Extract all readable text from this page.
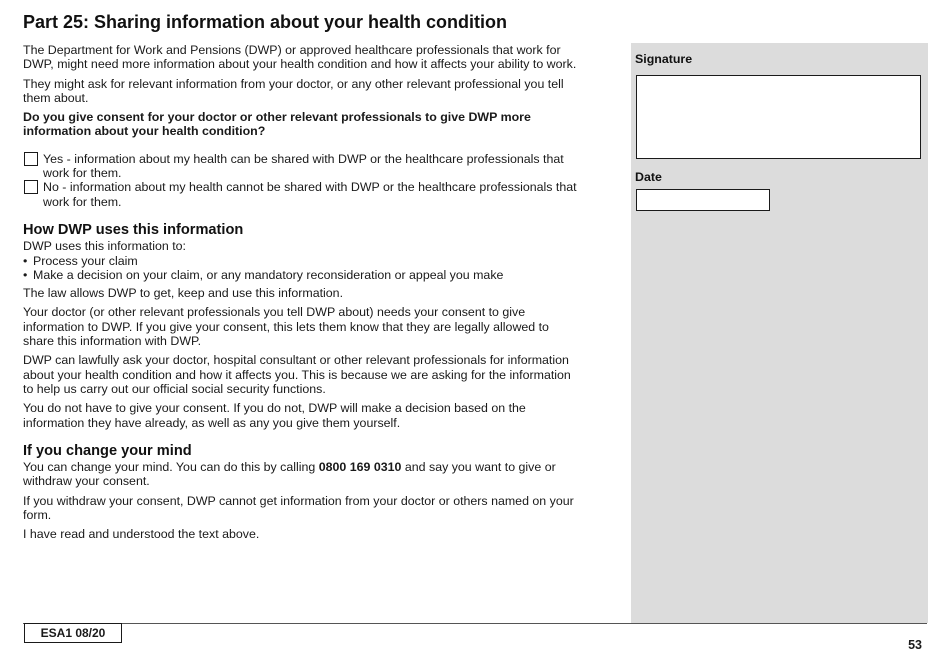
Part 25: Sharing information about your health condition

The Department for Work and Pensions (DWP) or approved healthcare professionals that work for DWP, might need more information about your health condition and how it affects your ability to work.

They might ask for relevant information from your doctor, or any other relevant professional you tell them about.

Do you give consent for your doctor or other relevant professionals to give DWP more information about your health condition?

Yes - information about my health can be shared with DWP or the healthcare professionals that work for them.
No - information about my health cannot be shared with DWP or the healthcare professionals that work for them.
How DWP uses this information

DWP uses this information to:

• Process your claim
• Make a decision on your claim, or any mandatory reconsideration or appeal you make

The law allows DWP to get, keep and use this information.

Your doctor (or other relevant professionals you tell DWP about) needs your consent to give information to DWP. If you give your consent, this lets them know that they are legally allowed to share this information with DWP.

DWP can lawfully ask your doctor, hospital consultant or other relevant professionals for information about your health condition and how it affects you. This is because we are asking for the information to help us carry out our official social security functions.

You do not have to give your consent. If you do not, DWP will make a decision based on the information they have already, as well as any you give them yourself.

If you change your mind

You can change your mind. You can do this by calling 0800 169 0310 and say you want to give or withdraw your consent.

If you withdraw your consent, DWP cannot get information from your doctor or others named on your form.

I have read and understood the text above.

Signature
Date
ESA1 08/20
53
